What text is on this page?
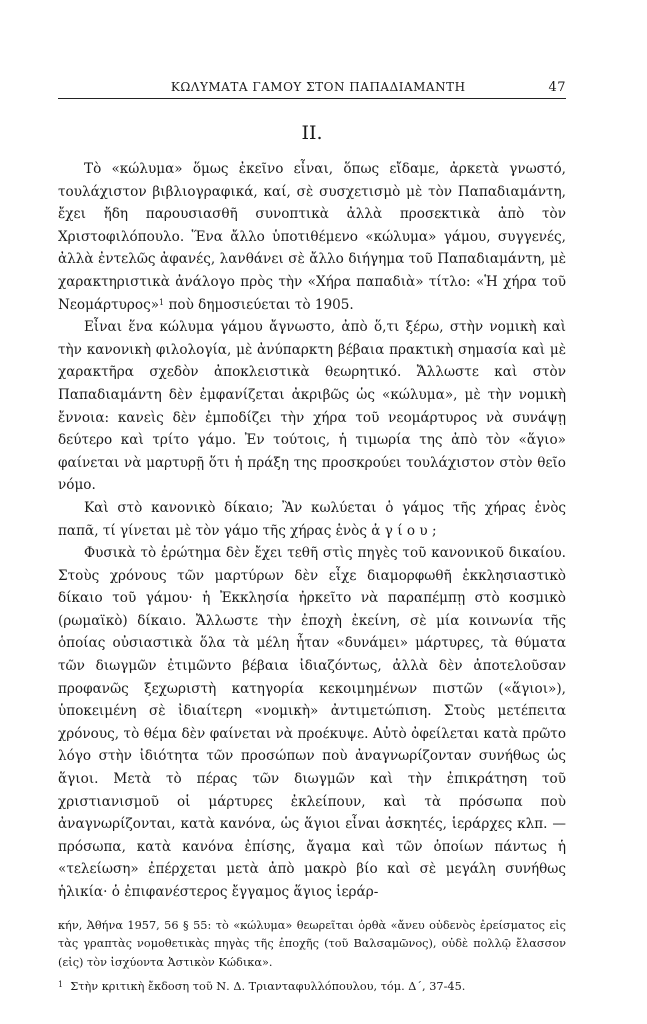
ΚΩΛΥΜΑΤΑ ΓΑΜΟΥ ΣΤΟΝ ΠΑΠΑΔΙΑΜΑΝΤΗ	47
II.

Τὸ «κώλυμα» ὅμως ἐκεῖνο εἶναι, ὅπως εἴδαμε, ἀρκετὰ γνωστό, τουλάχιστον βιβλιογραφικά, καί, σὲ συσχετισμὸ μὲ τὸν Παπαδιαμάντη, ἔχει ἤδη παρουσιασθῆ συνοπτικὰ ἀλλὰ προσεκτικὰ ἀπὸ τὸν Χριστοφιλόπουλο. Ἕνα ἄλλο ὑποτιθέμενο «κώλυμα» γάμου, συγγενές, ἀλλὰ ἐντελῶς ἀφανές, λανθάνει σὲ ἄλλο διήγημα τοῦ Παπαδιαμάντη, μὲ χαρακτηριστικὰ ἀνάλογο πρὸς τὴν «Χήρα παπαδιὰ» τίτλο: «Ἡ χήρα τοῦ Νεομάρτυρος»$^1$ ποὺ δημοσιεύεται τὸ 1905.

Εἶναι ἕνα κώλυμα γάμου ἄγνωστο, ἀπὸ ὅ,τι ξέρω, στὴν νομικὴ καὶ τὴν κανονικὴ φιλολογία, μὲ ἀνύπαρκτη βέβαια πρακτικὴ σημασία καὶ μὲ χαρακτῆρα σχεδὸν ἀποκλειστικὰ θεωρητικό. Ἄλλωστε καὶ στὸν Παπαδιαμάντη δὲν ἐμφανίζεται ἀκριβῶς ὡς «κώλυμα», μὲ τὴν νομικὴ ἔννοια: κανεὶς δὲν ἐμποδίζει τὴν χήρα τοῦ νεομάρτυρος νὰ συνάψῃ δεύτερο καὶ τρίτο γάμο. Ἐν τούτοις, ἡ τιμωρία της ἀπὸ τὸν «ἅγιο» φαίνεται νὰ μαρτυρῇ ὅτι ἡ πράξη της προσκρούει τουλάχιστον στὸν θεῖο νόμο.

Καὶ στὸ κανονικὸ δίκαιο; Ἂν κωλύεται ὁ γάμος τῆς χήρας ἑνὸς παπᾶ, τί γίνεται μὲ τὸν γάμο τῆς χήρας ἑνὸς ἁ γ ί ο υ ;

Φυσικὰ τὸ ἐρώτημα δὲν ἔχει τεθῆ στὶς πηγὲς τοῦ κανονικοῦ δικαίου. Στοὺς χρόνους τῶν μαρτύρων δὲν εἶχε διαμορφωθῆ ἐκκλησιαστικὸ δίκαιο τοῦ γάμου· ἡ Ἐκκλησία ἠρκεῖτο νὰ παραπέμπῃ στὸ κοσμικὸ (ρωμαϊκὸ) δίκαιο. Ἄλλωστε τὴν ἐποχὴ ἐκείνη, σὲ μία κοινωνία τῆς ὁποίας οὐσιαστικὰ ὅλα τὰ μέλη ἦταν «δυνάμει» μάρτυρες, τὰ θύματα τῶν διωγμῶν ἐτιμῶντο βέβαια ἰδιαζόντως, ἀλλὰ δὲν ἀποτελοῦσαν προφανῶς ξεχωριστὴ κατηγορία κεκοιμημένων πιστῶν («ἅγιοι»), ὑποκειμένη σὲ ἰδιαίτερη «νομικὴ» ἀντιμετώπιση. Στοὺς μετέπειτα χρόνους, τὸ θέμα δὲν φαίνεται νὰ προέκυψε. Αὐτὸ ὀφείλεται κατὰ πρῶτο λόγο στὴν ἰδιότητα τῶν προσώπων ποὺ ἀναγνωρίζονταν συνήθως ὡς ἅγιοι. Μετὰ τὸ πέρας τῶν διωγμῶν καὶ τὴν ἐπικράτηση τοῦ χριστιανισμοῦ οἱ μάρτυρες ἐκλείπουν, καὶ τὰ πρόσωπα ποὺ ἀναγνωρίζονται, κατὰ κανόνα, ὡς ἅγιοι εἶναι ἀσκητές, ἱεράρχες κλπ. —πρόσωπα, κατὰ κανόνα ἐπίσης, ἄγαμα καὶ τῶν ὁποίων πάντως ἡ «τελείωση» ἐπέρχεται μετὰ ἀπὸ μακρὸ βίο καὶ σὲ μεγάλη συνήθως ἡλικία· ὁ ἐπιφανέστερος ἔγγαμος ἅγιος ἱεράρ-

κήν, Ἀθήνα 1957, 56 § 55: τὸ «κώλυμα» θεωρεῖται ὀρθὰ «ἄνευ οὐδενὸς ἐρείσματος εἰς τὰς γραπτὰς νομοθετικὰς πηγὰς τῆς ἐποχῆς (τοῦ Βαλσαμῶνος), οὐδὲ πολλῷ ἔλασσον (εἰς) τὸν ἰσχύοντα Ἀστικὸν Κώδικα».

$^1$ Στὴν κριτικὴ ἔκδοση τοῦ Ν. Δ. Τριανταφυλλόπουλου, τόμ. Δ΄, 37-45.
